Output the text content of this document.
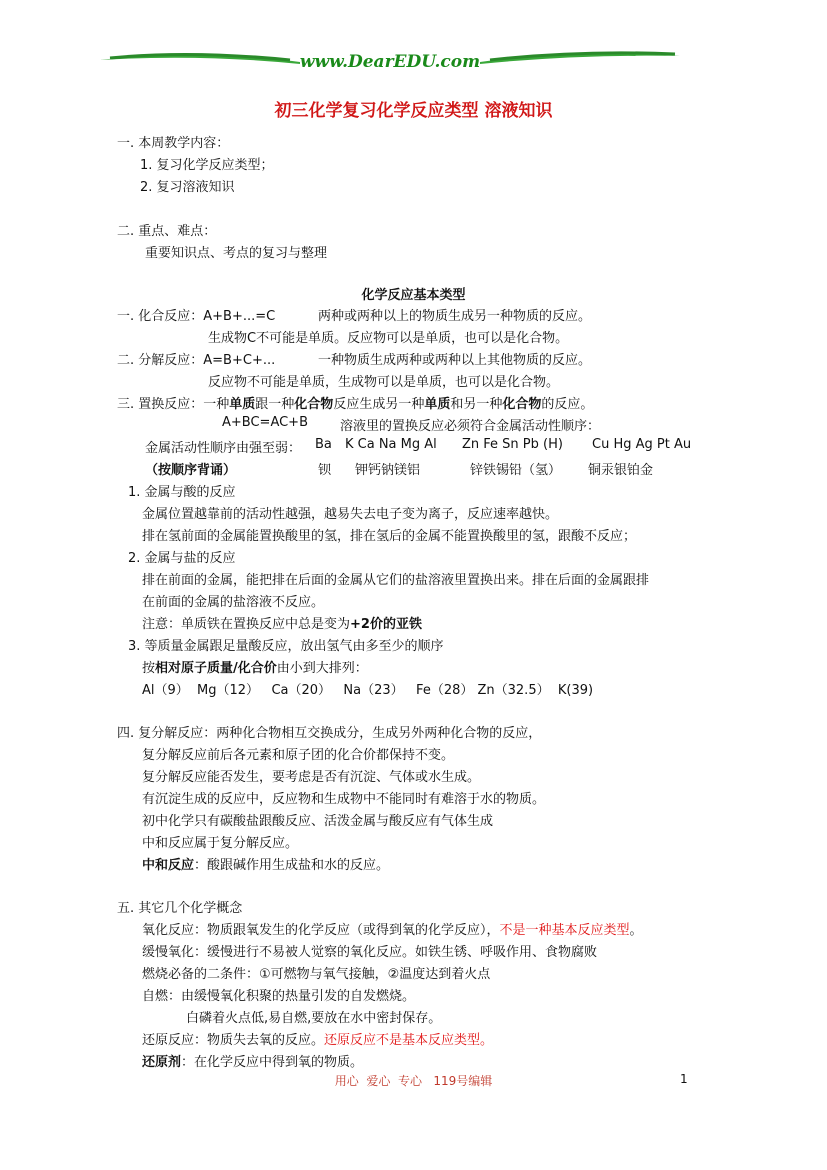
www.DearEDU.com
初三化学复习化学反应类型 溶液知识
一. 本周教学内容：
1. 复习化学反应类型；
2. 复习溶液知识
二. 重点、难点：
重要知识点、考点的复习与整理
化学反应基本类型
一. 化合反应：A+B+...=C	两种或两种以上的物质生成另一种物质的反应。
生成物C不可能是单质。反应物可以是单质，也可以是化合物。
二. 分解反应：A=B+C+...	一种物质生成两种或两种以上其他物质的反应。
反应物不可能是单质，生成物可以是单质，也可以是化合物。
三. 置换反应：一种单质跟一种化合物反应生成另一种单质和另一种化合物的反应。
A+BC=AC+B 溶液里的置换反应必须符合金属活动性顺序：
金属活动性顺序由强至弱： Ba K Ca Na Mg Al Zn Fe Sn Pb (H) Cu Hg Ag Pt Au
（按顺序背诵）	钡 钾钙钠镁铝	锌铁锡铅（氢） 铜汞银铂金
1. 金属与酸的反应
金属位置越靠前的活动性越强，越易失去电子变为离子，反应速率越快。
排在氢前面的金属能置换酸里的氢，排在氢后的金属不能置换酸里的氢，跟酸不反应；
2. 金属与盐的反应
排在前面的金属，能把排在后面的金属从它们的盐溶液里置换出来。排在后面的金属跟排
在前面的金属的盐溶液不反应。
注意：单质铁在置换反应中总是变为+2价的亚铁
3. 等质量金属跟足量酸反应，放出氢气由多至少的顺序
按相对原子质量/化合价由小到大排列：
Al（9）  Mg（12）   Ca（20）   Na（23）   Fe（28） Zn（32.5）  K(39)
四. 复分解反应：两种化合物相互交换成分，生成另外两种化合物的反应，
复分解反应前后各元素和原子团的化合价都保持不变。
复分解反应能否发生，要考虑是否有沉淀、气体或水生成。
有沉淀生成的反应中，反应物和生成物中不能同时有难溶于水的物质。
初中化学只有碳酸盐跟酸反应、活泼金属与酸反应有气体生成
中和反应属于复分解反应。
中和反应：酸跟碱作用生成盐和水的反应。
五. 其它几个化学概念
氧化反应：物质跟氧发生的化学反应（或得到氧的化学反应），不是一种基本反应类型。
缓慢氧化：缓慢进行不易被人觉察的氧化反应。如铁生锈、呼吸作用、食物腐败
燃烧必备的二条件：①可燃物与氧气接触，②温度达到着火点
自燃：由缓慢氧化积聚的热量引发的自发燃烧。
白磷着火点低,易自燃,要放在水中密封保存。
还原反应：物质失去氧的反应。还原反应不是基本反应类型。
还原剂：在化学反应中得到氧的物质。
用心  爱心  专心   119号编辑	1
